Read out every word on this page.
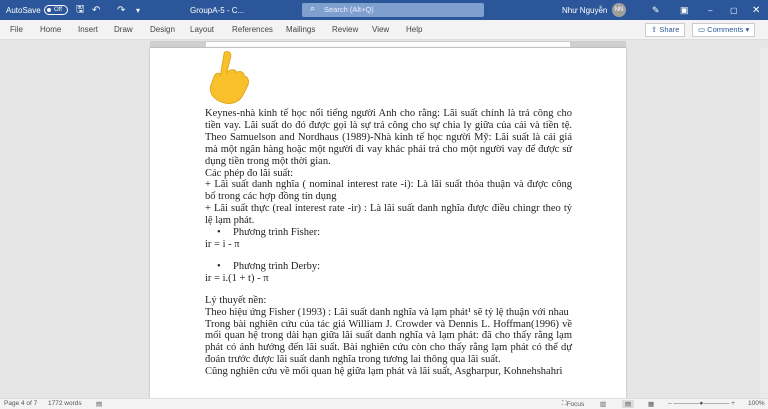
AutoSave	Off	🖫 ↶ ↷ ▾	GroupA-5 - C...	Search (Alt+Q)
⌕	Như Nguyễn	NN	✎ ▣ – ▢ ✕
File Home Insert Draw Design Layout References Mailings Review View Help	⇪ Share	▭ Comments ▾

Keynes-nhà kinh tế học nổi tiếng người Anh cho rằng: Lãi suất chính là trả công cho tiền vay. Lãi suất do đó được gọi là sự trả công cho sự chia ly giữa của cải và tiền tệ. Theo Samuelson and Nordhaus (1989)-Nhà kinh tế học người Mỹ: Lãi suất là cái giá mà một ngân hàng hoặc một người đi vay khác phải trả cho một người vay để được sử dụng tiền trong một thời gian.

Các phép đo lãi suất:

+ Lãi suất danh nghĩa ( nominal interest rate -i): Là lãi suất thỏa thuận và được công bố trong các hợp đồng tín dụng

+ Lãi suất thực (real interest rate -ir) : Là lãi suất danh nghĩa được điều chingr theo tỷ lệ lạm phát.

• Phương trình Fisher:

ir = i - π

• Phương trình Derby:

ir = i.(1 + t) - π

Lý thuyết nền:

Theo hiệu ứng Fisher (1993) : Lãi suất danh nghĩa và lạm phát¹ sẽ tỷ lệ thuận với nhau

Trong bài nghiên cứu của tác giả William J. Crowder và Dennis L. Hoffman(1996) về mối quan hệ trong dài hạn giữa lãi suất danh nghĩa và lạm phát: đã cho thấy rằng lạm phát có ảnh hưởng đến lãi suất. Bài nghiên cứu còn cho thấy rằng lạm phát có thể dự đoán trước được lãi suất danh nghĩa trong tương lai thông qua lãi suất.

Cũng nghiên cứu về mối quan hệ giữa lạm phát và lãi suất, Asgharpur, Kohnehshahri

Page 4 of 7 1772 words ▤	⛶ Focus ▥	▤	▦ – ――――●―――― + 100%
